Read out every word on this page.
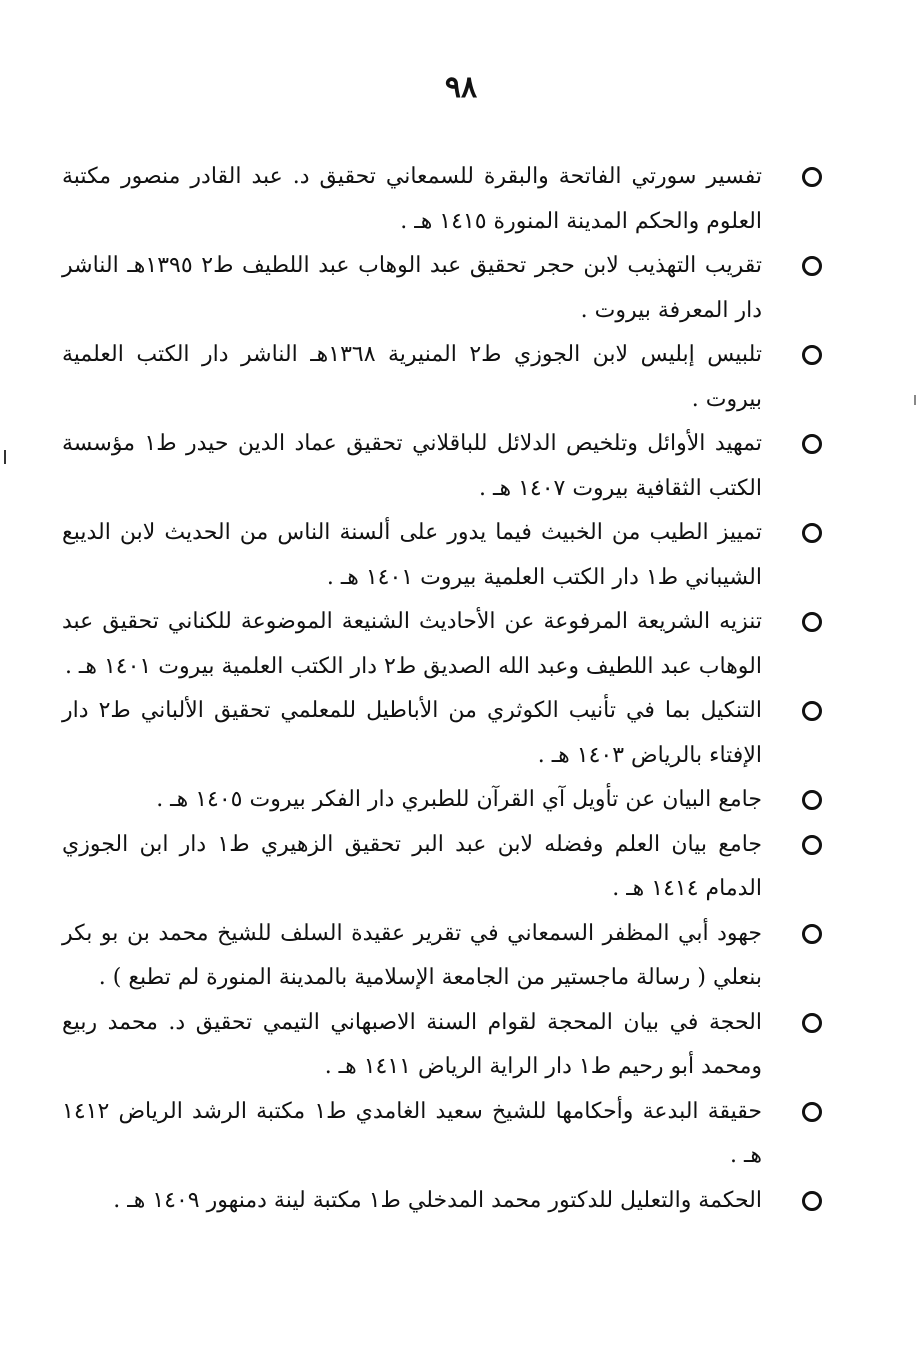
٩٨
تفسير سورتي الفاتحة والبقرة للسمعاني تحقيق د. عبد القادر منصور مكتبة العلوم والحكم المدينة المنورة ١٤١٥ هـ .
تقريب التهذيب لابن حجر تحقيق عبد الوهاب عبد اللطيف ط٢ ١٣٩٥هـ الناشر دار المعرفة بيروت .
تلبيس إبليس لابن الجوزي ط٢ المنيرية ١٣٦٨هـ الناشر دار الكتب العلمية بيروت .
تمهيد الأوائل وتلخيص الدلائل للباقلاني تحقيق عماد الدين حيدر ط١ مؤسسة الكتب الثقافية بيروت ١٤٠٧ هـ .
تمييز الطيب من الخبيث فيما يدور على ألسنة الناس من الحديث لابن الديبع الشيباني ط١ دار الكتب العلمية بيروت ١٤٠١ هـ .
تنزيه الشريعة المرفوعة عن الأحاديث الشنيعة الموضوعة للكناني تحقيق عبد الوهاب عبد اللطيف وعبد الله الصديق ط٢ دار الكتب العلمية بيروت ١٤٠١ هـ .
التنكيل بما في تأنيب الكوثري من الأباطيل للمعلمي تحقيق الألباني ط٢ دار الإفتاء بالرياض ١٤٠٣ هـ .
جامع البيان عن تأويل آي القرآن للطبري دار الفكر بيروت ١٤٠٥ هـ .
جامع بيان العلم وفضله لابن عبد البر تحقيق الزهيري ط١ دار ابن الجوزي الدمام ١٤١٤ هـ .
جهود أبي المظفر السمعاني في تقرير عقيدة السلف للشيخ محمد بن بو بكر بنعلي ( رسالة ماجستير من الجامعة الإسلامية بالمدينة المنورة لم تطبع ) .
الحجة في بيان المحجة لقوام السنة الاصبهاني التيمي تحقيق د. محمد ربيع ومحمد أبو رحيم ط١ دار الراية الرياض ١٤١١ هـ .
حقيقة البدعة وأحكامها للشيخ سعيد الغامدي ط١ مكتبة الرشد الرياض ١٤١٢ هـ .
الحكمة والتعليل للدكتور محمد المدخلي ط١ مكتبة لينة دمنهور ١٤٠٩ هـ .
